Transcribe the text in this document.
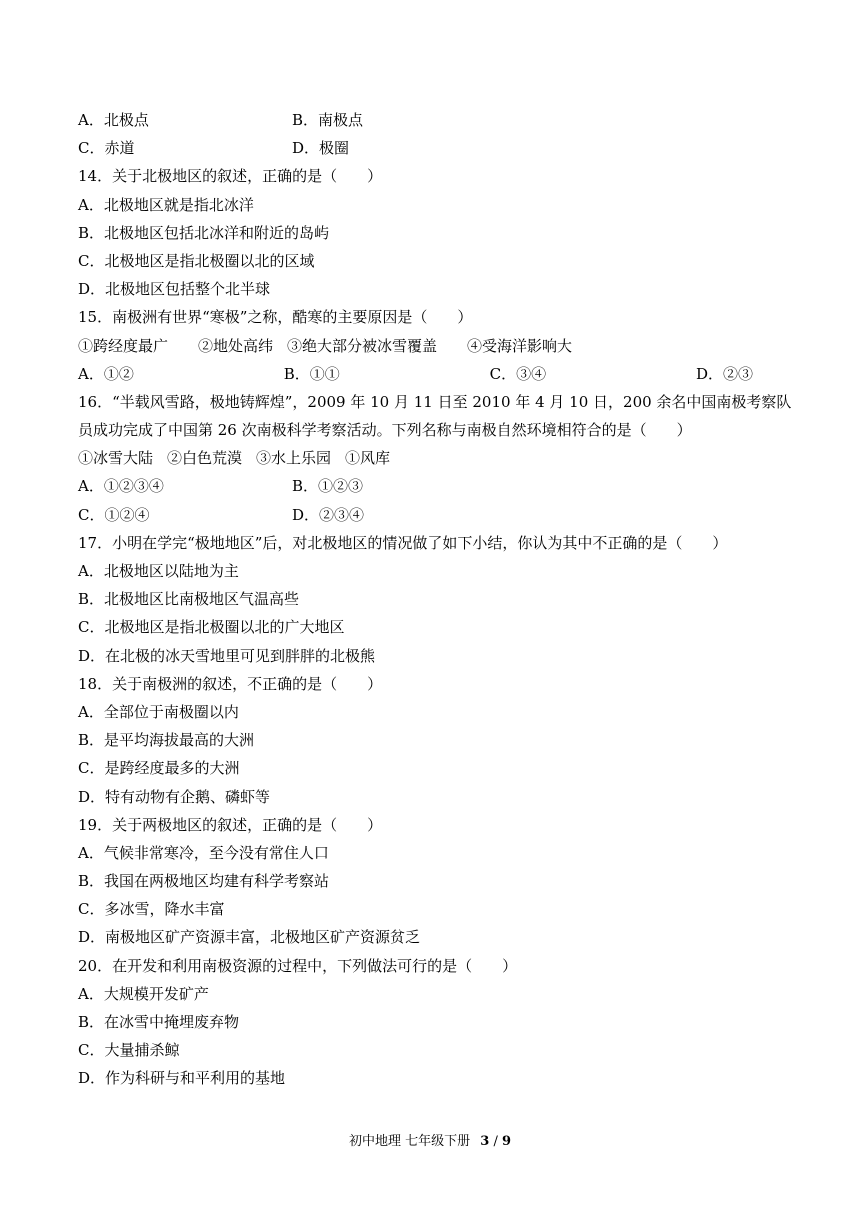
A．北极点	B．南极点
C．赤道	D．极圈
14．关于北极地区的叙述，正确的是（　　）
A．北极地区就是指北冰洋
B．北极地区包括北冰洋和附近的岛屿
C．北极地区是指北极圈以北的区域
D．北极地区包括整个北半球
15．南极洲有世界“寒极”之称，酷寒的主要原因是（　　）
①跨经度最广 ②地处高纬 ③绝大部分被冰雪覆盖 ④受海洋影响大
A．①②	B．①①	C．③④	D．②③
16．“半载风雪路，极地铸辉煌”，2009 年 10 月 11 日至 2010 年 4 月 10 日，200 余名中国南极考察队员成功完成了中国第 26 次南极科学考察活动。下列名称与南极自然环境相符合的是（　　）
①冰雪大陆 ②白色荒漠 ③水上乐园 ①风库
A．①②③④	B．①②③
C．①②④	D．②③④
17．小明在学完“极地地区”后，对北极地区的情况做了如下小结，你认为其中不正确的是（　　）
A．北极地区以陆地为主
B．北极地区比南极地区气温高些
C．北极地区是指北极圈以北的广大地区
D．在北极的冰天雪地里可见到胖胖的北极熊
18．关于南极洲的叙述，不正确的是（　　）
A．全部位于南极圈以内
B．是平均海拔最高的大洲
C．是跨经度最多的大洲
D．特有动物有企鹅、磷虾等
19．关于两极地区的叙述，正确的是（　　）
A．气候非常寒冷，至今没有常住人口
B．我国在两极地区均建有科学考察站
C．多冰雪，降水丰富
D．南极地区矿产资源丰富，北极地区矿产资源贫乏
20．在开发和利用南极资源的过程中，下列做法可行的是（　　）
A．大规模开发矿产
B．在冰雪中掩埋废弃物
C．大量捕杀鲸
D．作为科研与和平利用的基地
初中地理 七年级下册 3 / 9
